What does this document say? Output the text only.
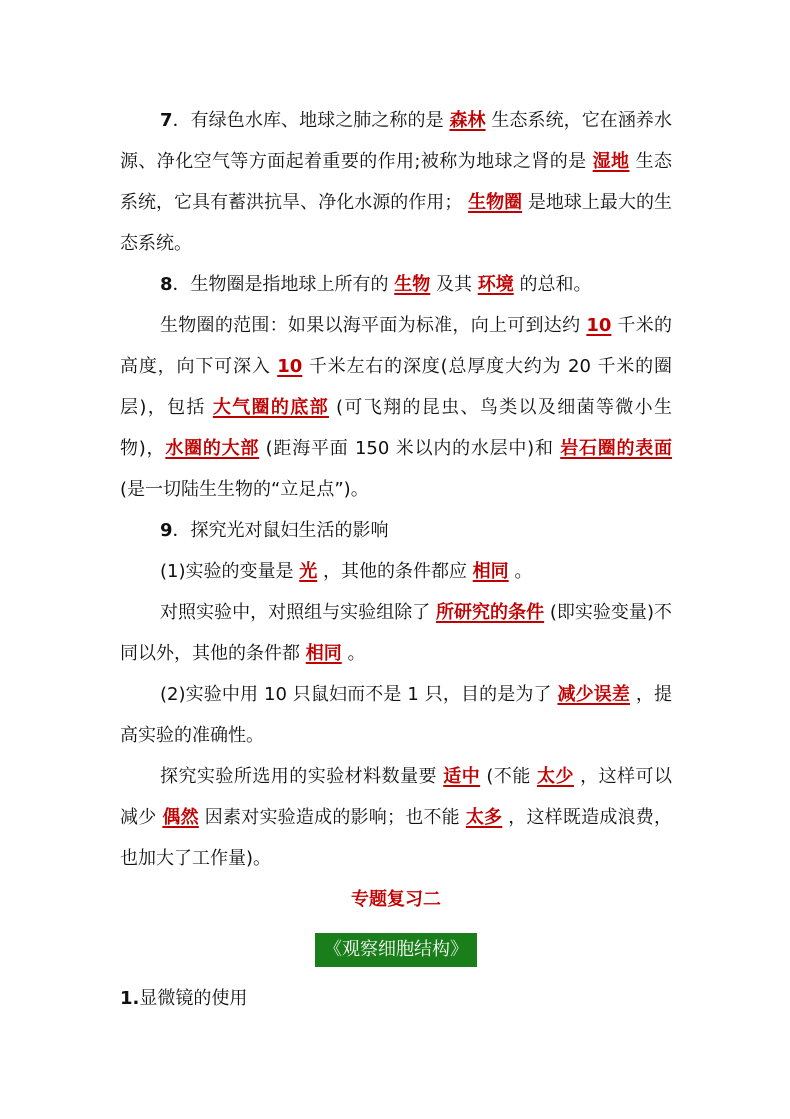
7．有绿色水库、地球之肺之称的是 森林 生态系统，它在涵养水源、净化空气等方面起着重要的作用;被称为地球之肾的是 湿地 生态系统，它具有蓄洪抗旱、净化水源的作用； 生物圈 是地球上最大的生态系统。

8．生物圈是指地球上所有的 生物 及其 环境 的总和。

生物圈的范围：如果以海平面为标准，向上可到达约 10 千米的高度，向下可深入 10 千米左右的深度(总厚度大约为 20 千米的圈层)，包括 大气圈的底部 (可飞翔的昆虫、鸟类以及细菌等微小生物)，水圈的大部 (距海平面 150 米以内的水层中)和 岩石圈的表面 (是一切陆生生物的“立足点”)。

9．探究光对鼠妇生活的影响

(1)实验的变量是 光 ，其他的条件都应 相同 。

对照实验中，对照组与实验组除了 所研究的条件 (即实验变量)不同以外，其他的条件都 相同 。

(2)实验中用 10 只鼠妇而不是 1 只，目的是为了 减少误差 ，提高实验的准确性。

探究实验所选用的实验材料数量要 适中 (不能 太少 ，这样可以减少 偶然 因素对实验造成的影响；也不能 太多 ，这样既造成浪费，也加大了工作量)。

专题复习二

《观察细胞结构》

1.显微镜的使用
